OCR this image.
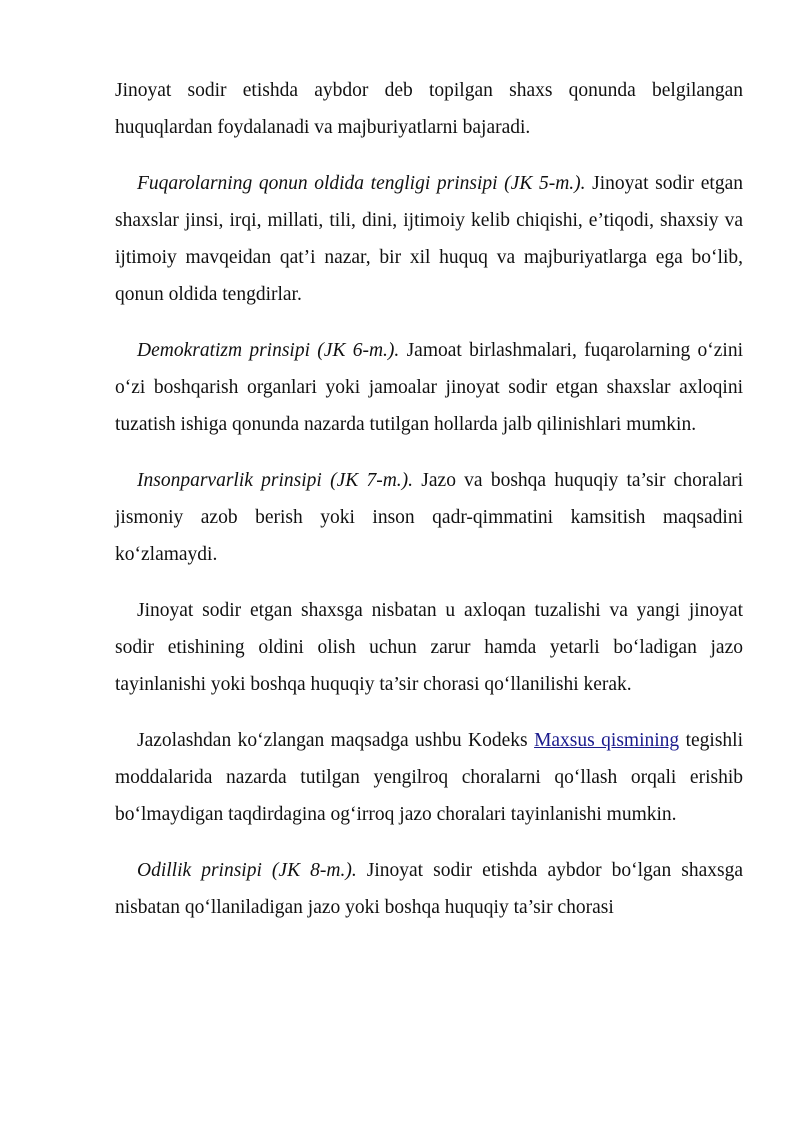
Jinoyat sodir etishda aybdor deb topilgan shaxs qonunda belgilangan huquqlardan foydalanadi va majburiyatlarni bajaradi.

Fuqarolarning qonun oldida tengligi prinsipi (JK 5-m.). Jinoyat sodir etgan shaxslar jinsi, irqi, millati, tili, dini, ijtimoiy kelib chiqishi, e’tiqodi, shaxsiy va ijtimoiy mavqeidan qat’i nazar, bir xil huquq va majburiyatlarga ega bo‘lib, qonun oldida tengdirlar.

Demokratizm prinsipi (JK 6-m.). Jamoat birlashmalari, fuqarolarning o‘zini o‘zi boshqarish organlari yoki jamoalar jinoyat sodir etgan shaxslar axloqini tuzatish ishiga qonunda nazarda tutilgan hollarda jalb qilinishlari mumkin.

Insonparvarlik prinsipi (JK 7-m.). Jazo va boshqa huquqiy ta’sir choralari jismoniy azob berish yoki inson qadr-qimmatini kamsitish maqsadini ko‘zlamaydi.

Jinoyat sodir etgan shaxsga nisbatan u axloqan tuzalishi va yangi jinoyat sodir etishining oldini olish uchun zarur hamda yetarli bo‘ladigan jazo tayinlanishi yoki boshqa huquqiy ta’sir chorasi qo‘llanilishi kerak.

Jazolashdan ko‘zlangan maqsadga ushbu Kodeks Maxsus qismining tegishli moddalarida nazarda tutilgan yengilroq choralarni qo‘llash orqali erishib bo‘lmaydigan taqdirdagina og‘irroq jazo choralari tayinlanishi mumkin.

Odillik prinsipi (JK 8-m.). Jinoyat sodir etishda aybdor bo‘lgan shaxsga nisbatan qo‘llaniladigan jazo yoki boshqa huquqiy ta’sir chorasi
